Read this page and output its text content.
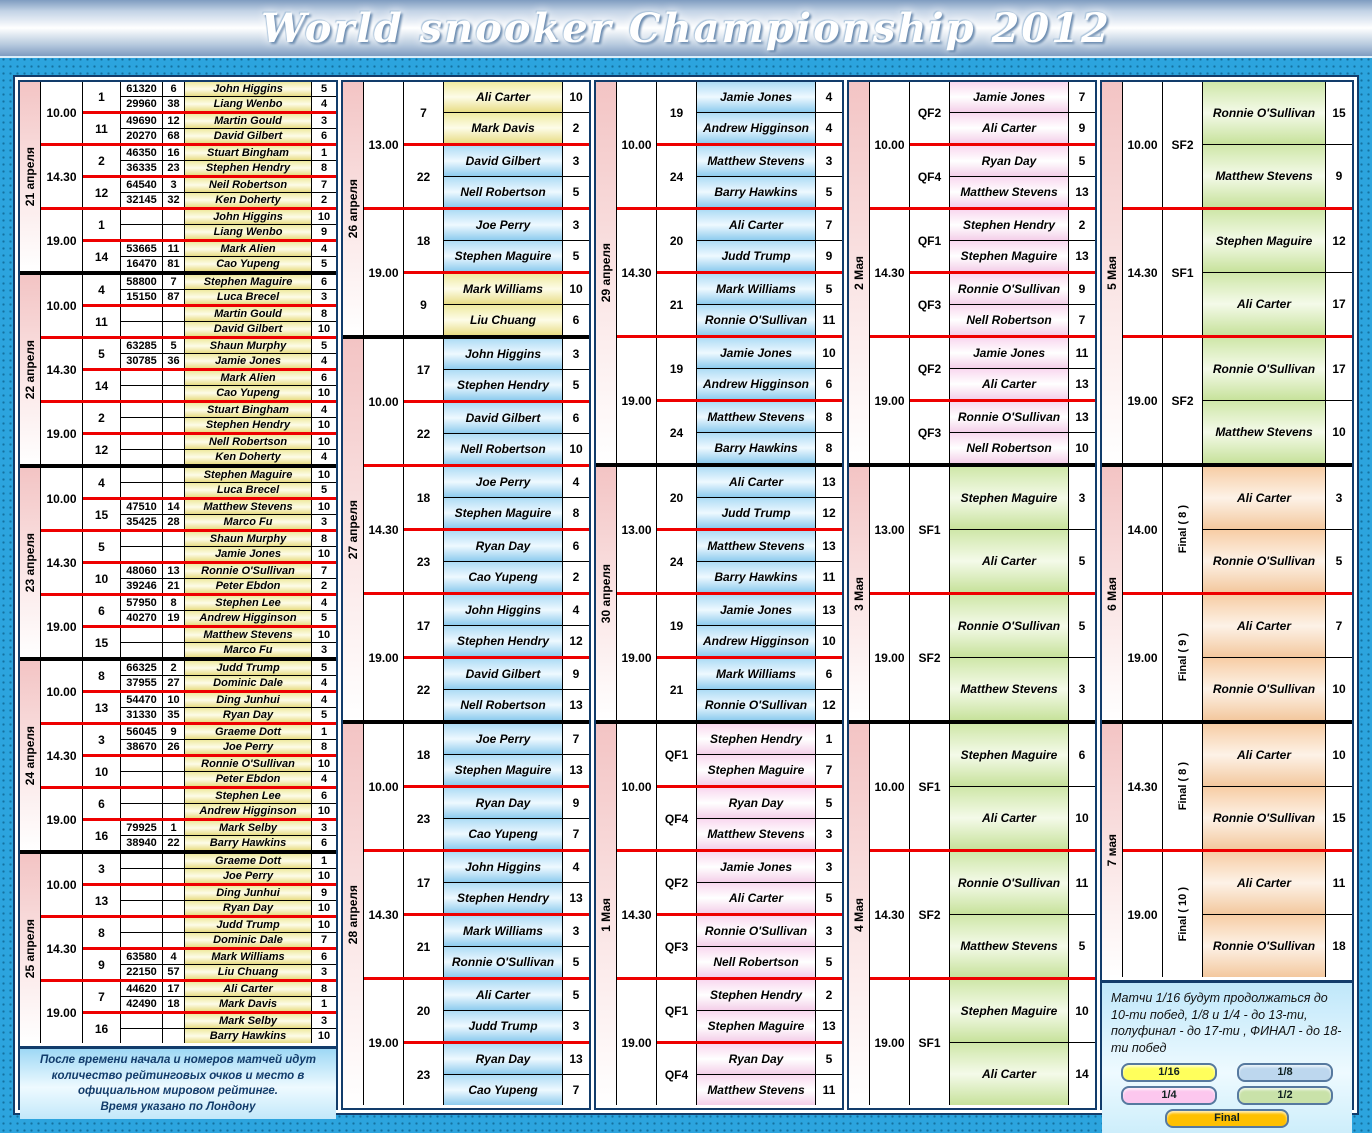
World snooker Championship 2012
21 апреля
10.00
1
61320	6	John Higgins	5
29960 38	Liang Wenbo	4
11
49690 12	Martin Gould	3
20270 68	David Gilbert	6
14.30
2
46350 16	Stuart Bingham	1
36335 23	Stephen Hendry	8
12
64540	3	Neil Robertson	7
32145 32	Ken Doherty	2
19.00
1
John Higgins	10
Liang Wenbo	9
14
53665 11	Mark Alien	4
16470 81	Cao Yupeng	5
22 апреля
10.00
4
58800	7	Stephen Maguire	6
15150 87	Luca Brecel	3
11
Martin Gould	8
David Gilbert	10
14.30
5
63285	5	Shaun Murphy	5
30785 36	Jamie Jones	4
14
Mark Alien	6
Cao Yupeng	10
19.00
2
Stuart Bingham	4
Stephen Hendry	10
12
Nell Robertson	10
Ken Doherty	4
23 апреля
10.00
4
Stephen Maguire	10
Luca Brecel	5
15
47510 14	Matthew Stevens	10
35425 28	Marco Fu	3
14.30
5
Shaun Murphy	8
Jamie Jones	10
10
48060 13	Ronnie O'Sullivan	7
39246 21	Peter Ebdon	2
19.00
6
57950	8	Stephen Lee	4
40270 19	Andrew Higginson	5
15
Matthew Stevens	10
Marco Fu	3
24 апреля
10.00
8
66325	2	Judd Trump	5
37955 27	Dominic Dale	4
13
54470 10	Ding Junhui	4
31330 35	Ryan Day	5
14.30
3
56045	9	Graeme Dott	1
38670 26	Joe Perry	8
10
Ronnie O'Sullivan	10
Peter Ebdon	4
19.00
6
Stephen Lee	6
Andrew Higginson	10
16
79925	1	Mark Selby	3
38940 22	Barry Hawkins	6
25 апреля
10.00
3
Graeme Dott	1
Joe Perry	10
13
Ding Junhui	9
Ryan Day	10
14.30
8
Judd Trump	10
Dominic Dale	7
9
63580	4	Mark Williams	6
22150 57	Liu Chuang	3
19.00
7
44620 17	Ali Carter	8
42490 18	Mark Davis	1
16
Mark Selby	3
Barry Hawkins	10
После времени начала и номеров матчей идут количество рейтинговых очков и место в официальном мировом рейтинге.
Время указано по Лондону
26 апреля
13.00
7
Ali Carter	10
Mark Davis	2
22
David Gilbert	3
Nell Robertson	5
19.00
18
Joe Perry	3
Stephen Maguire	5
9
Mark Williams	10
Liu Chuang	6
27 апреля
10.00
17
John Higgins	3
Stephen Hendry	5
22
David Gilbert	6
Nell Robertson	10
14.30
18
Joe Perry	4
Stephen Maguire	8
23
Ryan Day	6
Cao Yupeng	2
19.00
17
John Higgins	4
Stephen Hendry	12
22
David Gilbert	9
Nell Robertson	13
28 апреля
10.00
18
Joe Perry	7
Stephen Maguire	13
23
Ryan Day	9
Cao Yupeng	7
14.30
17
John Higgins	4
Stephen Hendry	13
21
Mark Williams	3
Ronnie O'Sullivan	5
19.00
20
Ali Carter	5
Judd Trump	3
23
Ryan Day	13
Cao Yupeng	7
29 апреля
10.00
19
Jamie Jones	4
Andrew Higginson	4
24
Matthew Stevens	3
Barry Hawkins	5
14.30
20
Ali Carter	7
Judd Trump	9
21
Mark Williams	5
Ronnie O'Sullivan	11
19.00
19
Jamie Jones	10
Andrew Higginson	6
24
Matthew Stevens	8
Barry Hawkins	8
30 апреля
13.00
20
Ali Carter	13
Judd Trump	12
24
Matthew Stevens	13
Barry Hawkins	11
19.00
19
Jamie Jones	13
Andrew Higginson	10
21
Mark Williams	6
Ronnie O'Sullivan	12
1 Мая
10.00
QF1
Stephen Hendry	1
Stephen Maguire	7
QF4
Ryan Day	5
Matthew Stevens	3
14.30
QF2
Jamie Jones	3
Ali Carter	5
QF3
Ronnie O'Sullivan	3
Nell Robertson	5
19.00
QF1
Stephen Hendry	2
Stephen Maguire	13
QF4
Ryan Day	5
Matthew Stevens	11
2 Мая
10.00
QF2
Jamie Jones	7
Ali Carter	9
QF4
Ryan Day	5
Matthew Stevens	13
14.30
QF1
Stephen Hendry	2
Stephen Maguire	13
QF3
Ronnie O'Sullivan	9
Nell Robertson	7
19.00
QF2
Jamie Jones	11
Ali Carter	13
QF3
Ronnie O'Sullivan	13
Nell Robertson	10
3 Мая
13.00	SF1
Stephen Maguire	3
Ali Carter	5
19.00	SF2
Ronnie O'Sullivan	5
Matthew Stevens	3
4 Мая
10.00	SF1
Stephen Maguire	6
Ali Carter	10
14.30	SF2
Ronnie O'Sullivan	11
Matthew Stevens	5
19.00	SF1
Stephen Maguire	10
Ali Carter	14
5 Мая
10.00	SF2
Ronnie O'Sullivan	15
Matthew Stevens	9
14.30	SF1
Stephen Maguire	12
Ali Carter	17
19.00	SF2
Ronnie O'Sullivan	17
Matthew Stevens	10
6 Мая
14.00	Final ( 8 )
Ali Carter	3
Ronnie O'Sullivan	5
19.00	Final ( 9 )
Ali Carter	7
Ronnie O'Sullivan	10
7 мая
14.30	Final ( 8 )
Ali Carter	10
Ronnie O'Sullivan	15
19.00	Final ( 10 )
Ali Carter	11
Ronnie O'Sullivan	18
Матчи 1/16 будут продолжаться до 10-ти побед, 1/8 и 1/4 - до 13-ти, полуфинал - до 17-ти , ФИНАЛ - до 18-ти побед
1/16	1/8
1/4	1/2
Final
